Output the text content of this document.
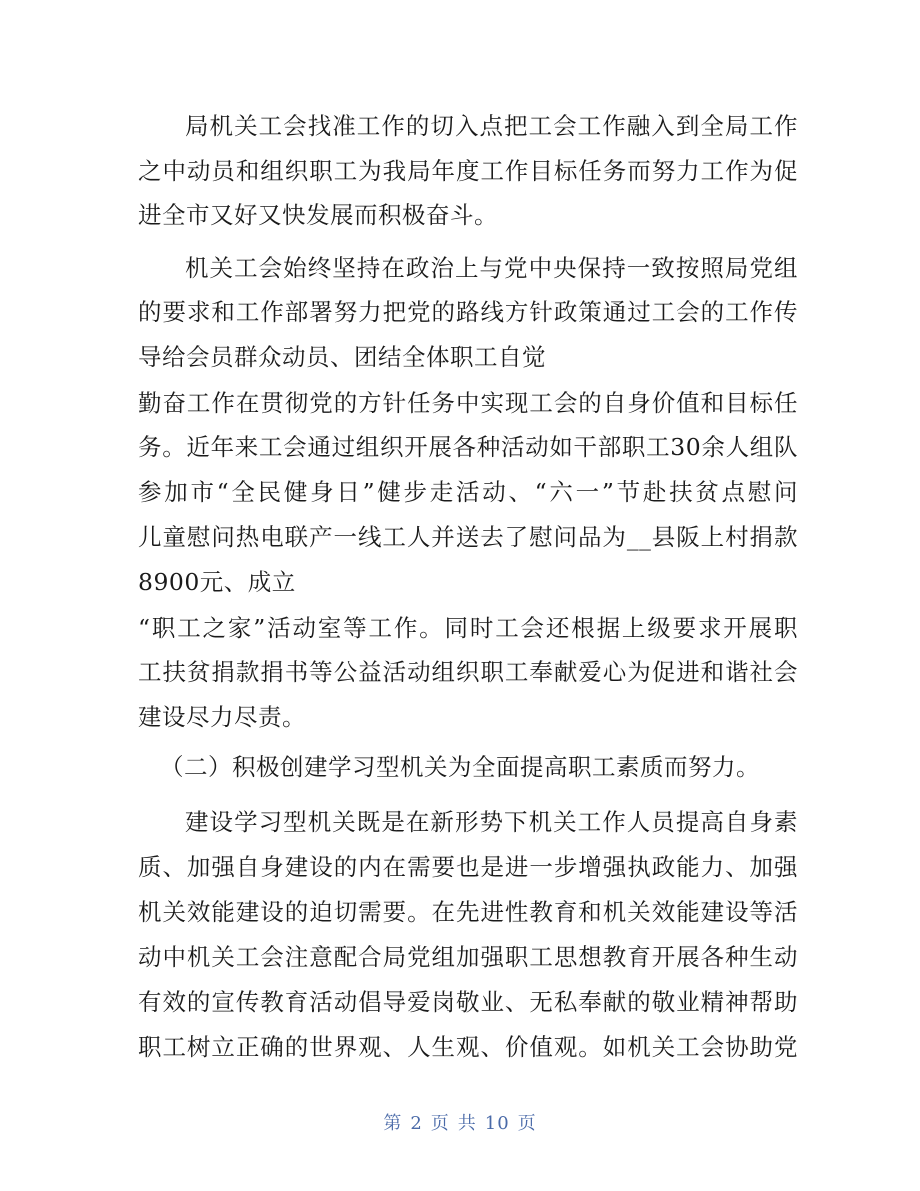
局机关工会找准工作的切入点把工会工作融入到全局工作
之中动员和组织职工为我局年度工作目标任务而努力工作为促
进全市又好又快发展而积极奋斗。
机关工会始终坚持在政治上与党中央保持一致按照局党组
的要求和工作部署努力把党的路线方针政策通过工会的工作传
导给会员群众动员、团结全体职工自觉
勤奋工作在贯彻党的方针任务中实现工会的自身价值和目标任
务。近年来工会通过组织开展各种活动如干部职工30余人组队
参加市“全民健身日”健步走活动、“六一”节赴扶贫点慰问
儿童慰问热电联产一线工人并送去了慰问品为__县阪上村捐款
8900元、成立
“职工之家”活动室等工作。同时工会还根据上级要求开展职
工扶贫捐款捐书等公益活动组织职工奉献爱心为促进和谐社会
建设尽力尽责。
（二）积极创建学习型机关为全面提高职工素质而努力。
建设学习型机关既是在新形势下机关工作人员提高自身素
质、加强自身建设的内在需要也是进一步增强执政能力、加强
机关效能建设的迫切需要。在先进性教育和机关效能建设等活
动中机关工会注意配合局党组加强职工思想教育开展各种生动
有效的宣传教育活动倡导爱岗敬业、无私奉献的敬业精神帮助
职工树立正确的世界观、人生观、价值观。如机关工会协助党
第 2 页 共 10 页
